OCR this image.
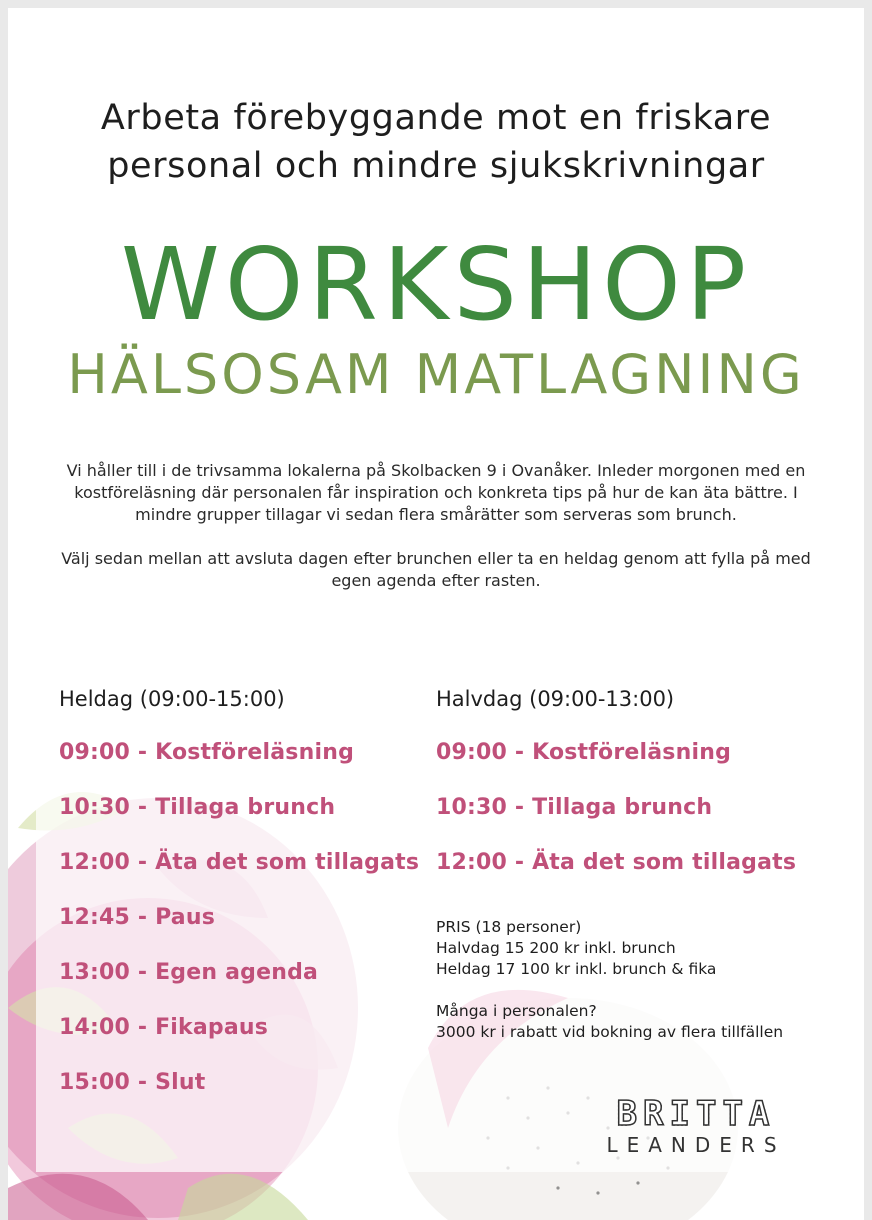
Arbeta förebyggande mot en friskare
personal och mindre sjukskrivningar
WORKSHOP
HÄLSOSAM MATLAGNING

Vi håller till i de trivsamma lokalerna på Skolbacken 9 i Ovanåker. Inleder morgonen med en kostföreläsning där personalen får inspiration och konkreta tips på hur de kan äta bättre. I mindre grupper tillagar vi sedan flera smårätter som serveras som brunch.

Välj sedan mellan att avsluta dagen efter brunchen eller ta en heldag genom att fylla på med egen agenda efter rasten.

Heldag (09:00-15:00)
09:00 - Kostföreläsning
10:30 - Tillaga brunch
12:00 - Äta det som tillagats
12:45 - Paus
13:00 - Egen agenda
14:00 - Fikapaus
15:00 - Slut
Halvdag (09:00-13:00)
09:00 - Kostföreläsning
10:30 - Tillaga brunch
12:00 - Äta det som tillagats
PRIS (18 personer)
Halvdag 15 200 kr inkl. brunch
Heldag 17 100 kr inkl. brunch & fika
Många i personalen?
3000 kr i rabatt vid bokning av flera tillfällen
BRITTA
LEANDERS
